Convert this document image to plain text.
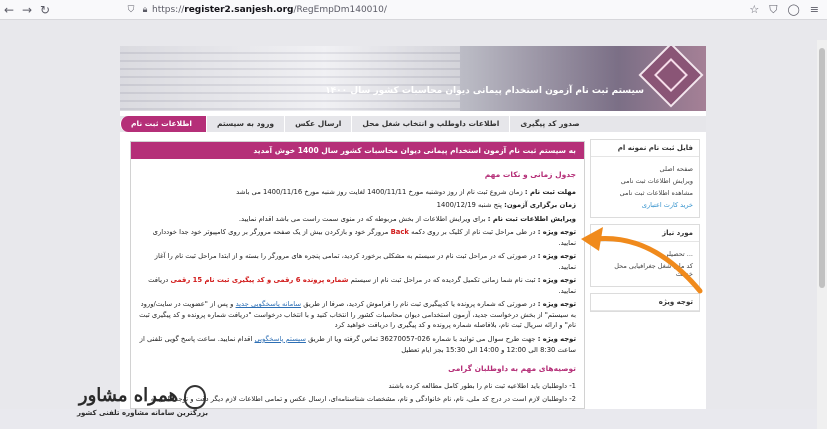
← → ↻	⛉ 🔒︎ https:// register2.sanjesh.org /RegEmpDm140010/	☆ ⛉ ◯ ≡
سیستم ثبت نام آزمون استخدام پیمانی دیوان محاسبات کشور سال ۱۴۰۰
اطلاعات ثبت نام	ورود به سیستم	ارسال عکس	اطلاعات داوطلب و انتخاب شغل محل	صدور کد پیگیری
فایل ثبت نام نمونه ام
صفحه اصلی
ویرایش اطلاعات ثبت نامی
مشاهده اطلاعات ثبت نامی
خرید کارت اعتباری
مورد نیاز
... تحصیلی
کد ملی شغل جغرافیایی محل خدمت
توجه ویژه
به سیستم ثبت نام آزمون استخدام پیمانی دیوان محاسبات کشور سال 1400 خوش آمدید
جدول زمانی و نکات مهم

مهلت ثبت نام : زمان شروع ثبت نام از روز دوشنبه مورخ 1400/11/11 لغایت روز شنبه مورخ 1400/11/16 می باشد

زمان برگزاری آزمون: پنج شنبه 1400/12/19

ویرایش اطلاعات ثبت نام : برای ویرایش اطلاعات از بخش مربوطه که در منوی سمت راست می باشد اقدام نمایید.

توجه ویژه : در طی مراحل ثبت نام از کلیک بر روی دکمه Back مرورگر خود و بازکردن بیش از یک صفحه مرورگر بر روی کامپیوتر خود جدا خودداری نمایید.

توجه ویژه : در صورتی که در مراحل ثبت نام در سیستم به مشکلی برخورد کردید، تمامی پنجره های مرورگر را بسته و از ابتدا مراحل ثبت نام را آغاز نمایید.

توجه ویژه : ثبت نام شما زمانی تکمیل گردیده که در مراحل ثبت نام از سیستم شماره پرونده 6 رقمی و کد پیگیری ثبت نام 15 رقمی دریافت نمایید.

توجه ویژه : در صورتی که شماره پرونده یا کدپیگیری ثبت نام را فراموش کردید، صرفا از طریق سامانه پاسخگویی جدید و پس از "عضویت در سایت/ورود به سیستم" از بخش درخواست جدید، آزمون استخدامی دیوان محاسبات کشور را انتخاب کنید و با انتخاب درخواست "دریافت شماره پرونده و کد پیگیری ثبت نام" و ارائه سریال ثبت نام، بلافاصله شماره پرونده و کد پیگیری را دریافت خواهید کرد

توجه ویژه : جهت طرح سوال می توانید با شماره 026-36270057 تماس گرفته ویا از طریق سیستم پاسخگویی اقدام نمایید. ساعت پاسخ گویی تلفنی از
ساعت 8:30 الی 12:00 و 14:00 الی 15:30 بجز ایام تعطیل

توصیه‌های مهم به داوطلبان گرامی

1- داوطلبان باید اطلاعیه ثبت نام را بطور کامل مطالعه کرده باشند

2- داوطلبان لازم است در درج کد ملی، نام، نام خانوادگی و نام، مشخصات شناسنامه‌ای، ارسال عکس و تمامی اطلاعات لازم دیگر دقت و توجه کافی به

همراه مشاور
بزرگترین سامانه مشاوره تلفنی کشور
